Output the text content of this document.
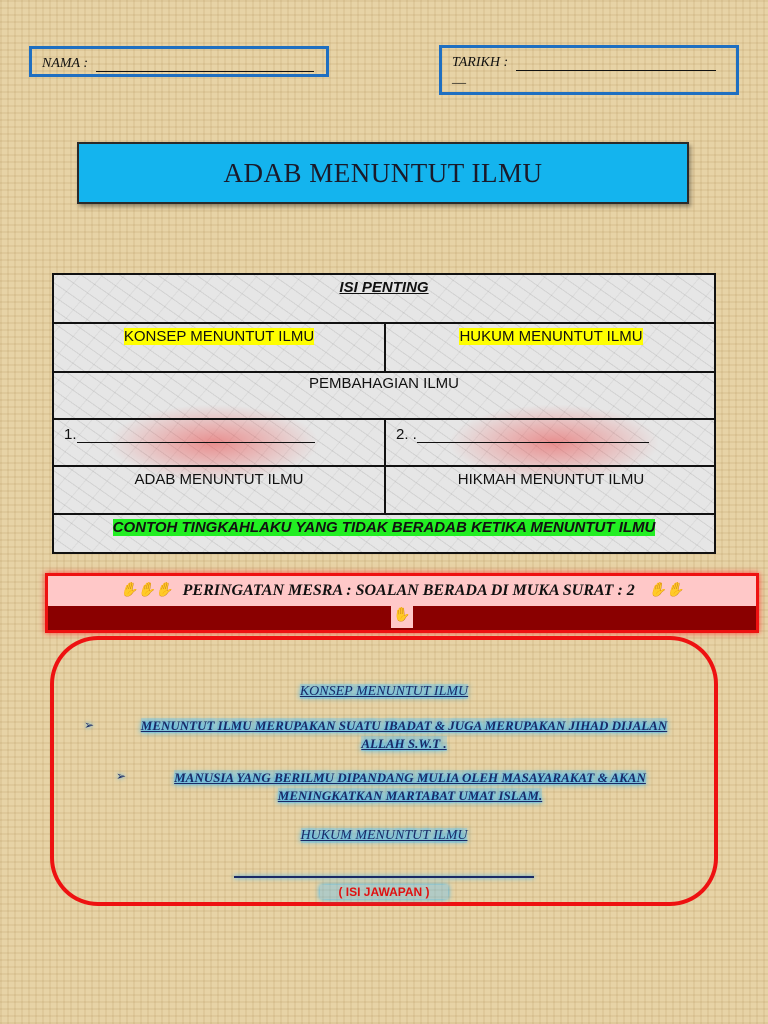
NAMA :	TARIKH :
__
ADAB MENUNTUT ILMU
ISI PENTING
KONSEP MENUNTUT ILMU	HUKUM MENUNTUT ILMU
PEMBAHAGIAN ILMU
1.	2. .
ADAB MENUNTUT ILMU	HIKMAH MENUNTUT ILMU
CONTOH TINGKAHLAKU YANG TIDAK BERADAB KETIKA MENUNTUT ILMU
✋✋✋ PERINGATAN MESRA : SOALAN BERADA DI MUKA SURAT : 2 ✋✋
✋
KONSEP MENUNTUT ILMU
➢	MENUNTUT ILMU MERUPAKAN SUATU IBADAT & JUGA MERUPAKAN JIHAD DIJALAN
ALLAH S.W.T .
➢	MANUSIA YANG BERILMU DIPANDANG MULIA OLEH MASAYARAKAT & AKAN
MENINGKATKAN MARTABAT UMAT ISLAM.
HUKUM MENUNTUT ILMU
( ISI JAWAPAN )
